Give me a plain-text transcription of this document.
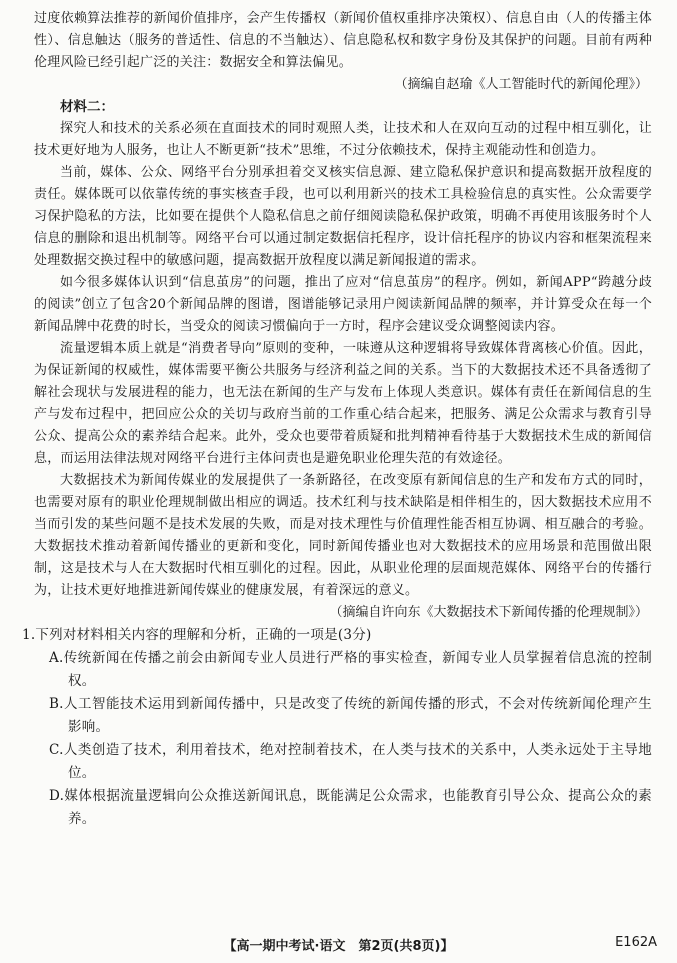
过度依赖算法推荐的新闻价值排序，会产生传播权（新闻价值权重排序决策权）、信息自由（人的传播主体性）、信息触达（服务的普适性、信息的不当触达）、信息隐私权和数字身份及其保护的问题。目前有两种伦理风险已经引起广泛的关注：数据安全和算法偏见。

（摘编自赵瑜《人工智能时代的新闻伦理》）
材料二：

探究人和技术的关系必须在直面技术的同时观照人类，让技术和人在双向互动的过程中相互驯化，让技术更好地为人服务，也让人不断更新“技术”思维，不过分依赖技术，保持主观能动性和创造力。

当前，媒体、公众、网络平台分别承担着交叉核实信息源、建立隐私保护意识和提高数据开放程度的责任。媒体既可以依靠传统的事实核查手段，也可以利用新兴的技术工具检验信息的真实性。公众需要学习保护隐私的方法，比如要在提供个人隐私信息之前仔细阅读隐私保护政策，明确不再使用该服务时个人信息的删除和退出机制等。网络平台可以通过制定数据信托程序，设计信托程序的协议内容和框架流程来处理数据交换过程中的敏感问题，提高数据开放程度以满足新闻报道的需求。

如今很多媒体认识到“信息茧房”的问题，推出了应对“信息茧房”的程序。例如，新闻APP“跨越分歧的阅读”创立了包含20个新闻品牌的图谱，图谱能够记录用户阅读新闻品牌的频率，并计算受众在每一个新闻品牌中花费的时长，当受众的阅读习惯偏向于一方时，程序会建议受众调整阅读内容。

流量逻辑本质上就是“消费者导向”原则的变种，一味遵从这种逻辑将导致媒体背离核心价值。因此，为保证新闻的权威性，媒体需要平衡公共服务与经济利益之间的关系。当下的大数据技术还不具备透彻了解社会现状与发展进程的能力，也无法在新闻的生产与发布上体现人类意识。媒体有责任在新闻信息的生产与发布过程中，把回应公众的关切与政府当前的工作重心结合起来，把服务、满足公众需求与教育引导公众、提高公众的素养结合起来。此外，受众也要带着质疑和批判精神看待基于大数据技术生成的新闻信息，而运用法律法规对网络平台进行主体问责也是避免职业伦理失范的有效途径。

大数据技术为新闻传媒业的发展提供了一条新路径，在改变原有新闻信息的生产和发布方式的同时，也需要对原有的职业伦理规制做出相应的调适。技术红利与技术缺陷是相伴相生的，因大数据技术应用不当而引发的某些问题不是技术发展的失败，而是对技术理性与价值理性能否相互协调、相互融合的考验。大数据技术推动着新闻传播业的更新和变化，同时新闻传播业也对大数据技术的应用场景和范围做出限制，这是技术与人在大数据时代相互驯化的过程。因此，从职业伦理的层面规范媒体、网络平台的传播行为，让技术更好地推进新闻传媒业的健康发展，有着深远的意义。

（摘编自许向东《大数据技术下新闻传播的伦理规制》）

1.下列对材料相关内容的理解和分析，正确的一项是(3分)

A.传统新闻在传播之前会由新闻专业人员进行严格的事实检查，新闻专业人员掌握着信息流的控制权。

B.人工智能技术运用到新闻传播中，只是改变了传统的新闻传播的形式，不会对传统新闻伦理产生影响。

C.人类创造了技术，利用着技术，绝对控制着技术，在人类与技术的关系中，人类永远处于主导地位。

D.媒体根据流量逻辑向公众推送新闻讯息，既能满足公众需求，也能教育引导公众、提高公众的素养。

【高一期中考试·语文　第2页(共8页)】	E162A
